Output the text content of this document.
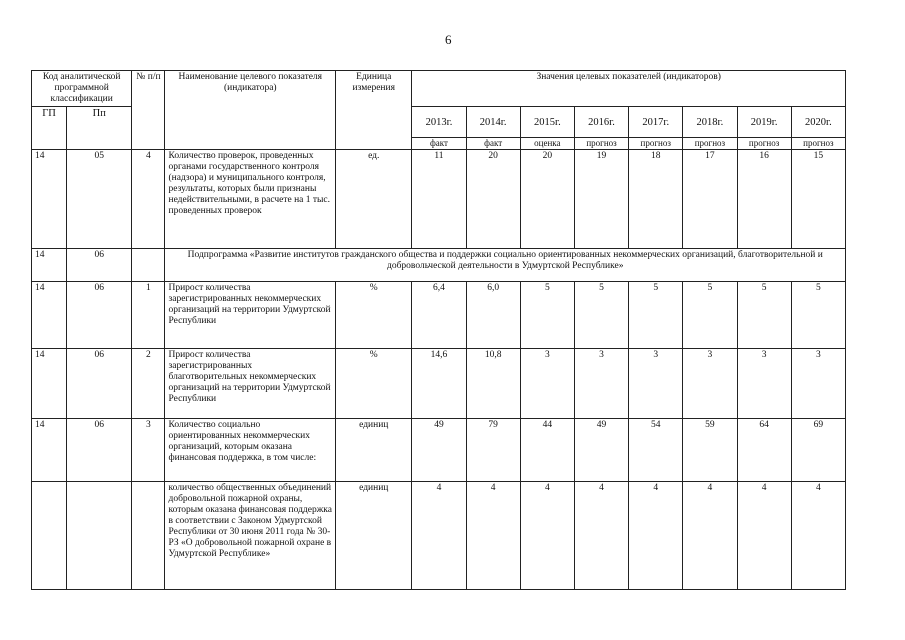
6
Код аналитической программной классификации		№ п/п	Наименование целевого показателя (индикатора)	Единица измерения	Значения целевых показателей (индикаторов)							
ГП	Пп				2013г.	2014г.	2015г.	2016г.	2017г.	2018г.	2019г.	2020г.
					факт	факт	оценка	прогноз	прогноз	прогноз	прогноз	прогноз
14	05	4	Количество проверок, проведенных органами государственного контроля (надзора) и муниципального контроля, результаты, которых были признаны недействительными, в расчете на 1 тыс. проведенных проверок	ед.	11	20	20	19	18	17	16	15
14	06		Подпрограмма «Развитие институтов гражданского общества и поддержки социально ориентированных некоммерческих организаций, благотворительной и добровольческой деятельности в Удмуртской Республике»									
14	06	1	Прирост количества зарегистрированных некоммерческих организаций на территории Удмуртской Республики	%	6,4	6,0	5	5	5	5	5	5
14	06	2	Прирост количества зарегистрированных благотворительных некоммерческих организаций на территории Удмуртской Республики	%	14,6	10,8	3	3	3	3	3	3
14	06	3	Количество социально ориентированных некоммерческих организаций, которым оказана финансовая поддержка, в том числе:	единиц	49	79	44	49	54	59	64	69
			количество общественных объединений добровольной пожарной охраны, которым оказана финансовая поддержка в соответствии с Законом Удмуртской Республики от 30 июня 2011 года № 30-РЗ «О добровольной пожарной охране в Удмуртской Республике»	единиц	4	4	4	4	4	4	4	4
